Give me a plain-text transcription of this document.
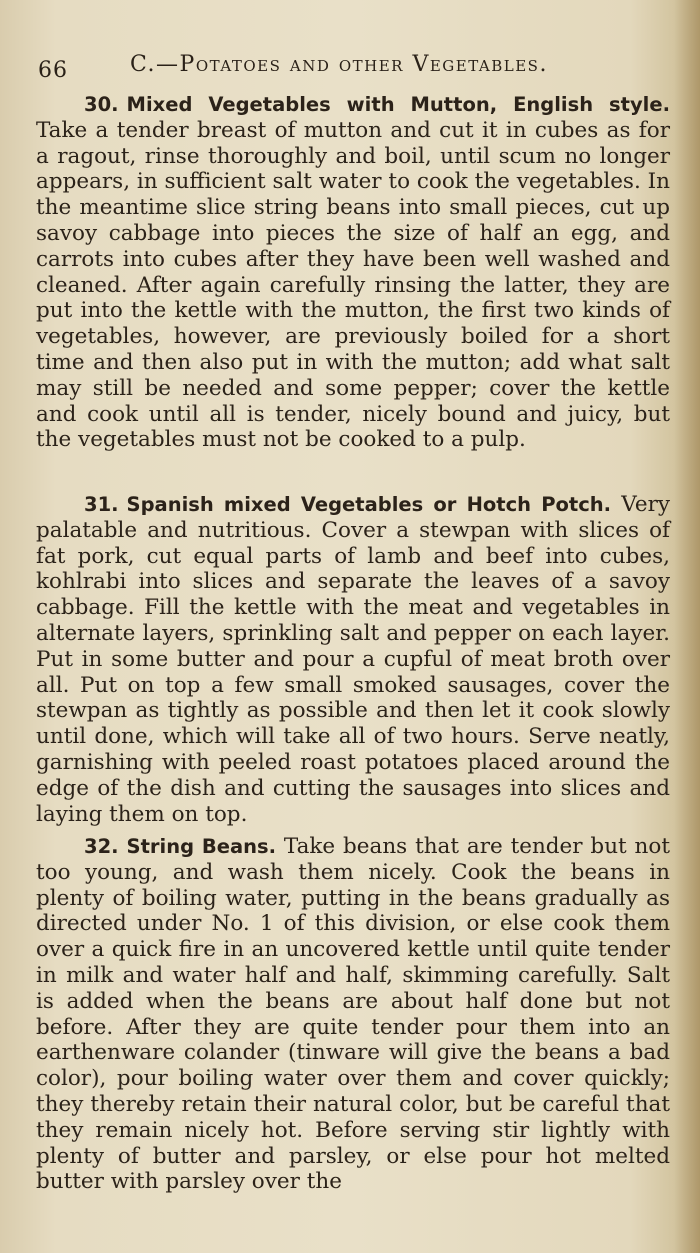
66	C.—Potatoes and other Vegetables.
30. Mixed Vegetables with Mutton, English style. Take a tender breast of mutton and cut it in cubes as for a ragout, rinse thoroughly and boil, until scum no longer appears, in sufficient salt water to cook the vegetables. In the meantime slice string beans into small pieces, cut up savoy cabbage into pieces the size of half an egg, and carrots into cubes after they have been well washed and cleaned. After again carefully rinsing the latter, they are put into the kettle with the mutton, the first two kinds of vegetables, however, are previously boiled for a short time and then also put in with the mutton; add what salt may still be needed and some pepper; cover the kettle and cook until all is tender, nicely bound and juicy, but the vegetables must not be cooked to a pulp.
31. Spanish mixed Vegetables or Hotch Potch. Very palatable and nutritious. Cover a stewpan with slices of fat pork, cut equal parts of lamb and beef into cubes, kohlrabi into slices and separate the leaves of a savoy cabbage. Fill the kettle with the meat and vegetables in alternate layers, sprinkling salt and pepper on each layer. Put in some butter and pour a cupful of meat broth over all. Put on top a few small smoked sausages, cover the stewpan as tightly as possible and then let it cook slowly until done, which will take all of two hours. Serve neatly, garnishing with peeled roast potatoes placed around the edge of the dish and cutting the sausages into slices and laying them on top.
32. String Beans. Take beans that are tender but not too young, and wash them nicely. Cook the beans in plenty of boiling water, putting in the beans gradually as directed under No. 1 of this division, or else cook them over a quick fire in an uncovered kettle until quite tender in milk and water half and half, skimming carefully. Salt is added when the beans are about half done but not before. After they are quite tender pour them into an earthenware colander (tinware will give the beans a bad color), pour boiling water over them and cover quickly; they thereby retain their natural color, but be careful that they remain nicely hot. Before serving stir lightly with plenty of butter and parsley, or else pour hot melted butter with parsley over the
